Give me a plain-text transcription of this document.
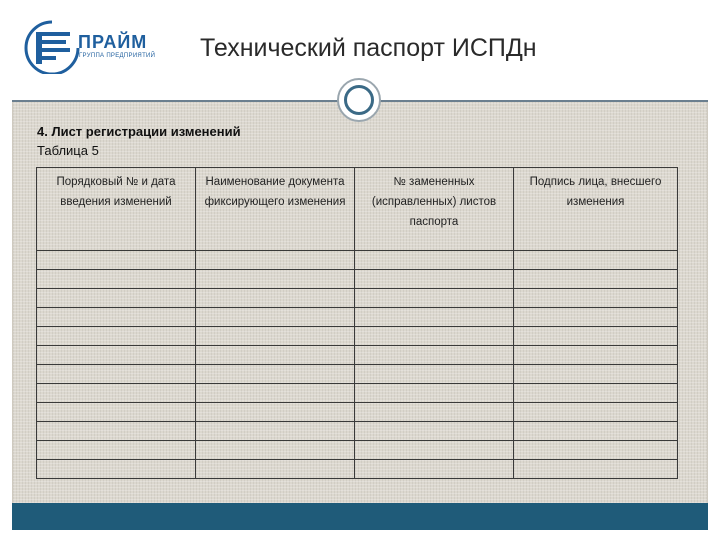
ПРАЙМ
ГРУППА ПРЕДПРИЯТИЙ Технический паспорт ИСПДн
4. Лист регистрации изменений
Таблица 5
Порядковый № и дата введения изменений	Наименование документа фиксирующего изменения	№ замененных (исправленных) листов паспорта	Подпись лица, внесшего изменения
